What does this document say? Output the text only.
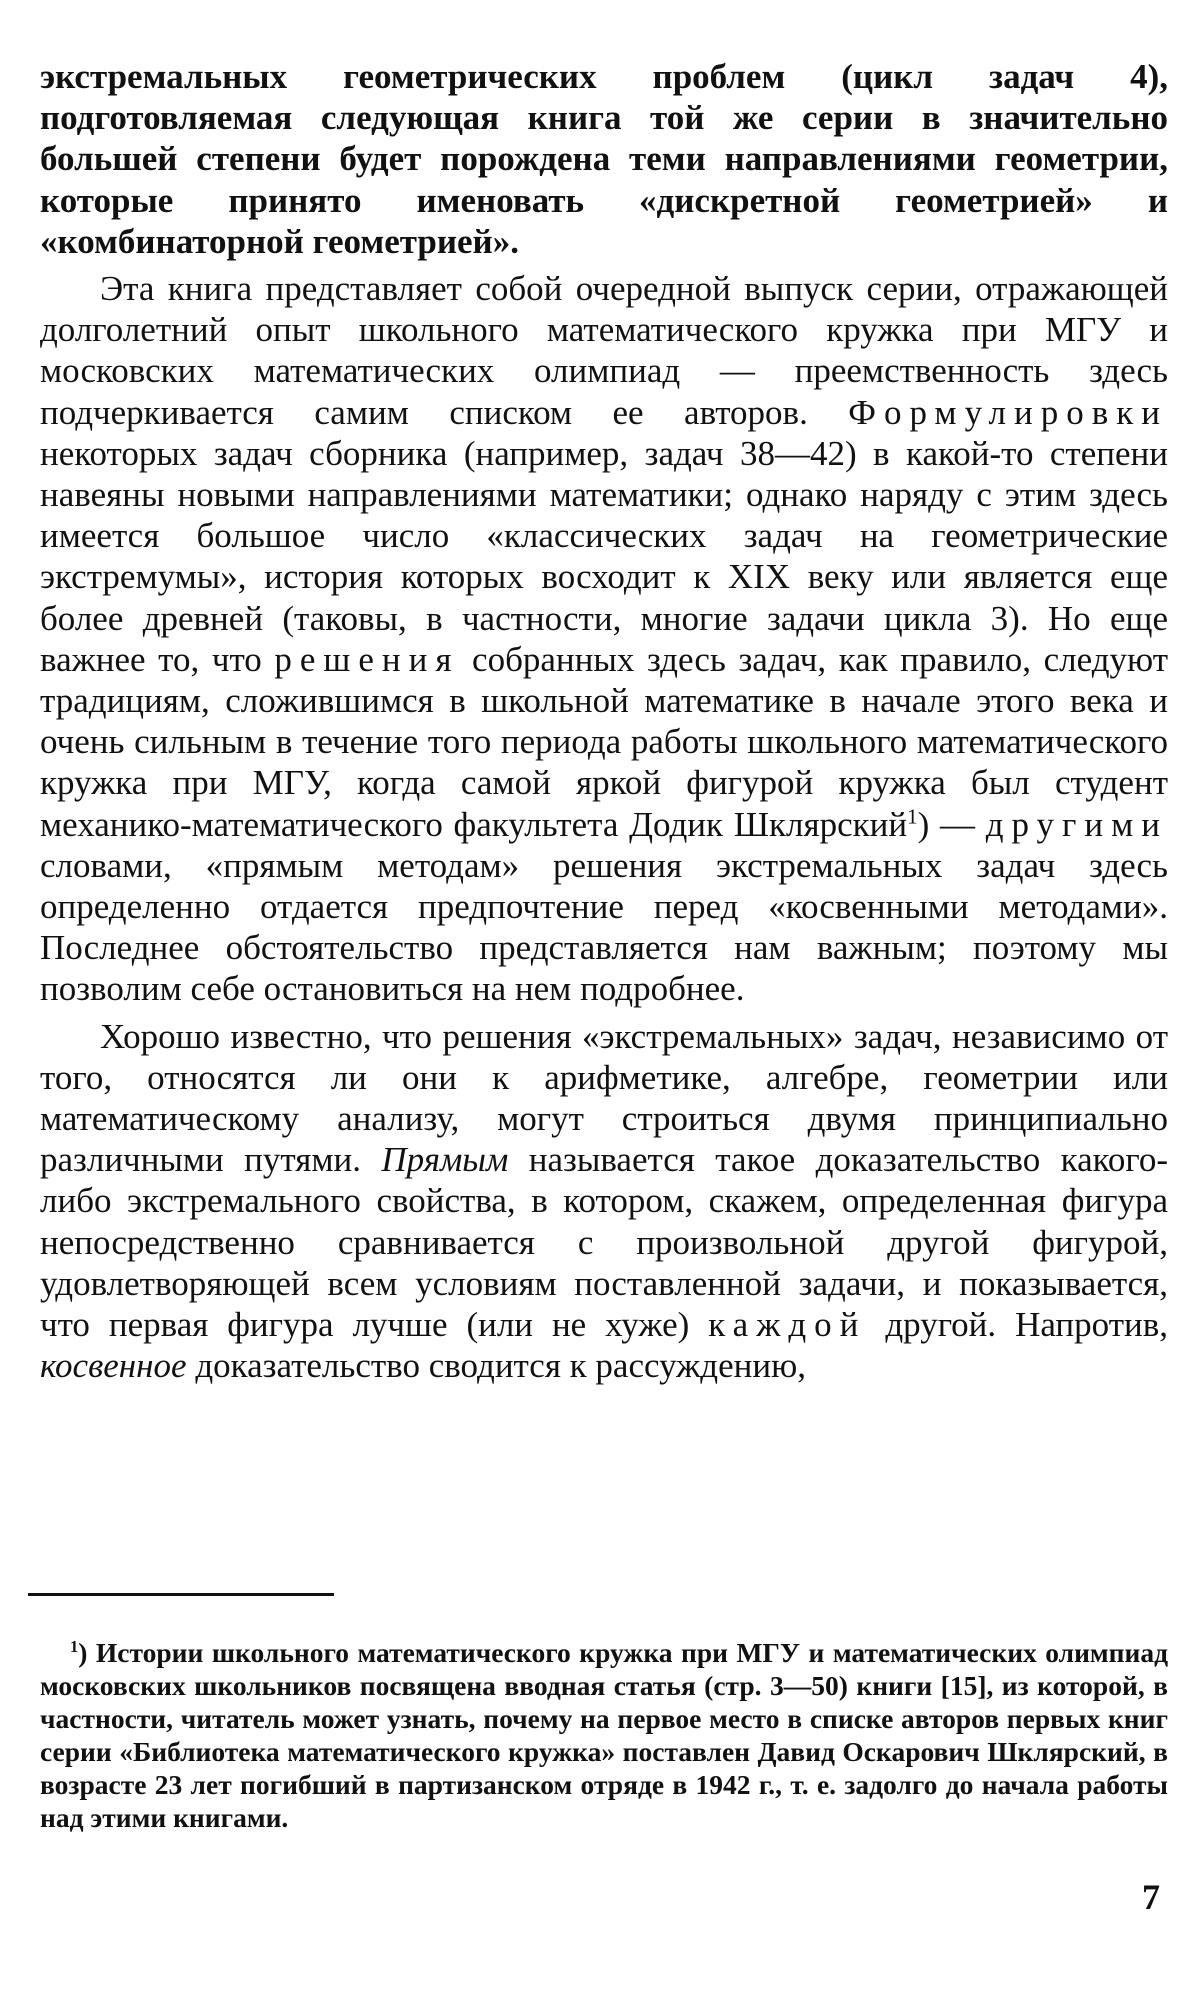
экстремальных геометрических проблем (цикл задач 4), подготовляемая следующая книга той же серии в значительно большей степени будет порождена теми направлениями геометрии, которые принято именовать «дискретной геометрией» и «комбинаторной геометрией».

Эта книга представляет собой очередной выпуск серии, отражающей долголетний опыт школьного математического кружка при МГУ и московских математических олимпиад — преемственность здесь подчеркивается самим списком ее авторов. Формулировки некоторых задач сборника (например, задач 38—42) в какой-то степени навеяны новыми направлениями математики; однако наряду с этим здесь имеется большое число «классических задач на геометрические экстремумы», история которых восходит к XIX веку или является еще более древней (таковы, в частности, многие задачи цикла 3). Но еще важнее то, что решения собранных здесь задач, как правило, следуют традициям, сложившимся в школьной математике в начале этого века и очень сильным в течение того периода работы школьного математического кружка при МГУ, когда самой яркой фигурой кружка был студент механико-математического факультета Додик Шклярский$^1$) — другими словами, «прямым методам» решения экстремальных задач здесь определенно отдается предпочтение перед «косвенными методами». Последнее обстоятельство представляется нам важным; поэтому мы позволим себе остановиться на нем подробнее.

Хорошо известно, что решения «экстремальных» задач, независимо от того, относятся ли они к арифметике, алгебре, геометрии или математическому анализу, могут строиться двумя принципиально различными путями. Прямым называется такое доказательство какого-либо экстремального свойства, в котором, скажем, определенная фигура непосредственно сравнивается с произвольной другой фигурой, удовлетворяющей всем условиям поставленной задачи, и показывается, что первая фигура лучше (или не хуже) каждой другой. Напротив, косвенное доказательство сводится к рассуждению,

$^1$) Истории школьного математического кружка при МГУ и математических олимпиад московских школьников посвящена вводная статья (стр. 3—50) книги [15], из которой, в частности, читатель может узнать, почему на первое место в списке авторов первых книг серии «Библиотека математического кружка» поставлен Давид Оскарович Шклярский, в возрасте 23 лет погибший в партизанском отряде в 1942 г., т. е. задолго до начала работы над этими книгами.

7
